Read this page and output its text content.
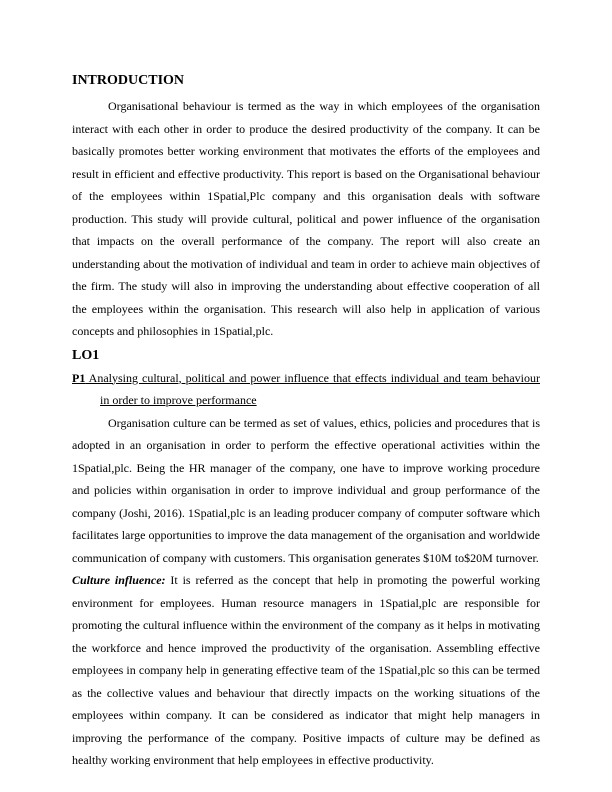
INTRODUCTION

Organisational behaviour is termed as the way in which employees of the organisation interact with each other in order to produce the desired productivity of the company. It can be basically promotes better working environment that motivates the efforts of the employees and result in efficient and effective productivity. This report is based on the Organisational behaviour of the employees within 1Spatial,Plc company and this organisation deals with software production. This study will provide cultural, political and power influence of the organisation that impacts on the overall performance of the company. The report will also create an understanding about the motivation of individual and team in order to achieve main objectives of the firm. The study will also in improving the understanding about effective cooperation of all the employees within the organisation. This research will also help in application of various concepts and philosophies in 1Spatial,plc.

LO1

P1 Analysing cultural, political and power influence that effects individual and team behaviour in order to improve performance

Organisation culture can be termed as set of values, ethics, policies and procedures that is adopted in an organisation in order to perform the effective operational activities within the 1Spatial,plc. Being the HR manager of the company, one have to improve working procedure and policies within organisation in order to improve individual and group performance of the company (Joshi, 2016). 1Spatial,plc is an leading producer company of computer software which facilitates large opportunities to improve the data management of the organisation and worldwide communication of company with customers. This organisation generates $10M to$20M turnover.

Culture influence: It is referred as the concept that help in promoting the powerful working environment for employees. Human resource managers in 1Spatial,plc are responsible for promoting the cultural influence within the environment of the company as it helps in motivating the workforce and hence improved the productivity of the organisation. Assembling effective employees in company help in generating effective team of the 1Spatial,plc so this can be termed as the collective values and behaviour that directly impacts on the working situations of the employees within company. It can be considered as indicator that might help managers in improving the performance of the company. Positive impacts of culture may be defined as healthy working environment that help employees in effective productivity.
